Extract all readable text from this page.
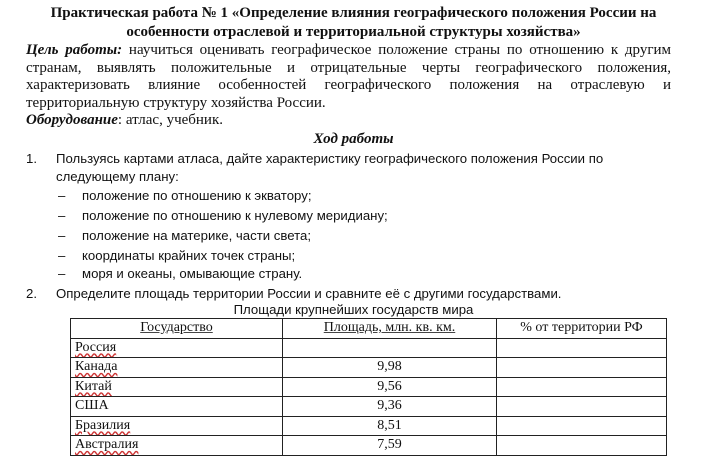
Практическая работа № 1 «Определение влияния географического положения России на
особенности отраслевой и территориальной структуры хозяйства»
Цель работы: научиться оценивать географическое положение страны по отношению к другим странам, выявлять положительные и отрицательные черты географического положения, характеризовать влияние особенностей географического положения на отраслевую и территориальную структуру хозяйства России.
Оборудование: атлас, учебник.
Ход работы
1. Пользуясь картами атласа, дайте характеристику географического положения России по
следующему плану:
– положение по отношению к экватору;
– положение по отношению к нулевому меридиану;
– положение на материке, части света;
– координаты крайних точек страны;
– моря и океаны, омывающие страну.
2. Определите площадь территории России и сравните её с другими государствами.
Площади крупнейших государств мира
Государство	Площадь, млн. кв. км.	% от территории РФ
Россия		
Канада	9,98	
Китай	9,56	
США	9,36	
Бразилия	8,51	
Австралия	7,59	
